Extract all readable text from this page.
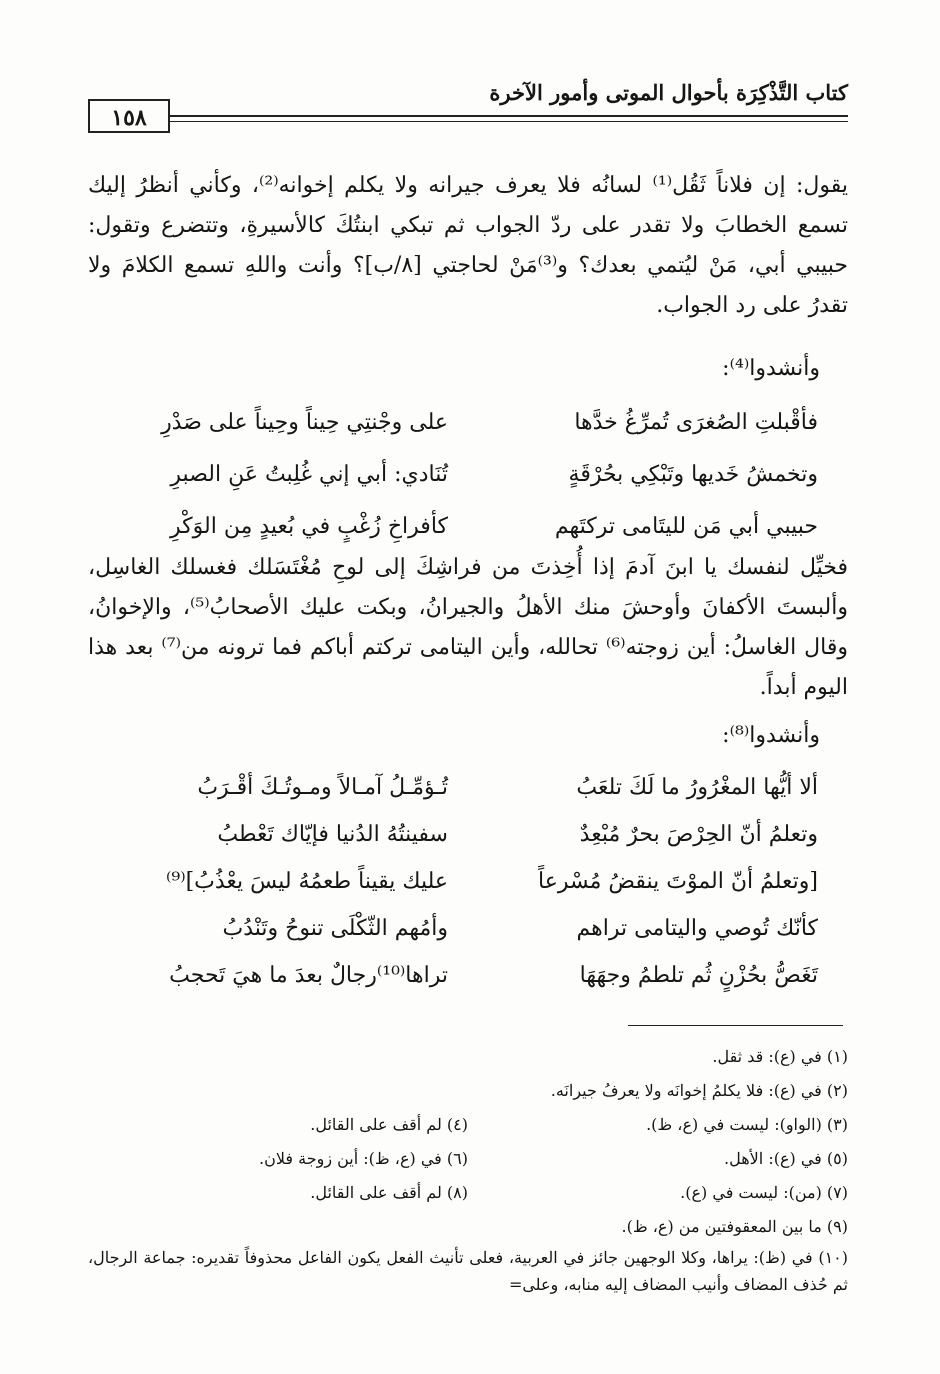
كتاب التَّذْكِرَة بأحوال الموتى وأمور الآخرة
١٥٨

يقول: إن فلاناً ثَقُل⁽¹⁾ لسانُه فلا يعرف جيرانه ولا يكلم إخوانه⁽²⁾، وكأني أنظرُ إليك تسمع الخطابَ ولا تقدر على ردّ الجواب ثم تبكي ابنتُكَ كالأسيرةِ، وتتضرع وتقول: حبيبي أبي، مَنْ ليُتمي بعدك؟ و⁽³⁾مَنْ لحاجتي [٨/ب]؟ وأنت واللهِ تسمع الكلامَ ولا تقدرُ على رد الجواب.

وأنشدوا⁽⁴⁾:
فأقْبلتِ الصُغرَى تُمرِّغُ خدَّها
على وجْنتِي حِيناً وحِيناً على صَدْرِ
وتخمشُ خَديها وتَبْكِي بحُرْقَةٍ
تُنَادي: أبي إني غُلِبتُ عَنِ الصبرِ
حبيبي أبي مَن لليتَامى تركتَهم
كأفراخِ زُغْبٍ في بُعيدٍ مِن الوَكْرِ

فخيِّل لنفسك يا ابنَ آدمَ إذا أُخِذتَ من فراشِكَ إلى لوحِ مُغْتَسَلك فغسلك الغاسِل، وألبستَ الأكفانَ وأوحشَ منك الأهلُ والجيرانُ، وبكت عليك الأصحابُ⁽⁵⁾، والإخوانُ، وقال الغاسلُ: أين زوجته⁽⁶⁾ تحالله، وأين اليتامى تركتم أباكم فما ترونه من⁽⁷⁾ بعد هذا اليوم أبداً.

وأنشدوا⁽⁸⁾:
ألا أيُّها المغْرُورُ ما لَكَ تلعَبُ
تُـؤمِّـلُ آمـالاً ومـوتُـكَ أقْـرَبُ
وتعلمُ أنّ الحِرْصَ بحرٌ مُبْعِدٌ
سفينتُهُ الدُنيا فإيّاك تَعْطبُ
[وتعلمُ أنّ الموْتَ ينقضُ مُسْرعاً
عليك يقيناً طعمُهُ ليسَ يعْذُبُ]⁽⁹⁾
كأنّك تُوصي واليتامى تراهم
وأمُهم الثّكْلَى تنوحُ وتَنْدُبُ
تَغَصُّ بحُزْنٍ ثُم تلطمُ وجهَهَا
تراها⁽¹⁰⁾رجالٌ بعدَ ما هيَ تَحجبُ
(١) في (ع): قد ثقل.
(٢) في (ع): فلا يكلمُ إخوانَه ولا يعرفُ جيرانَه.
(٣) (الواو): ليست في (ع، ظ).
(٤) لم أقف على القائل.
(٥) في (ع): الأهل.
(٦) في (ع، ظ): أين زوجة فلان.
(٧) (من): ليست في (ع).
(٨) لم أقف على القائل.
(٩) ما بين المعقوفتين من (ع، ظ).
(١٠) في (ظ): يراها، وكلا الوجهين جائز في العربية، فعلى تأنيث الفعل يكون الفاعل محذوفاً تقديره: جماعة الرجال، ثم حُذف المضاف وأنيب المضاف إليه منابه، وعلى=
